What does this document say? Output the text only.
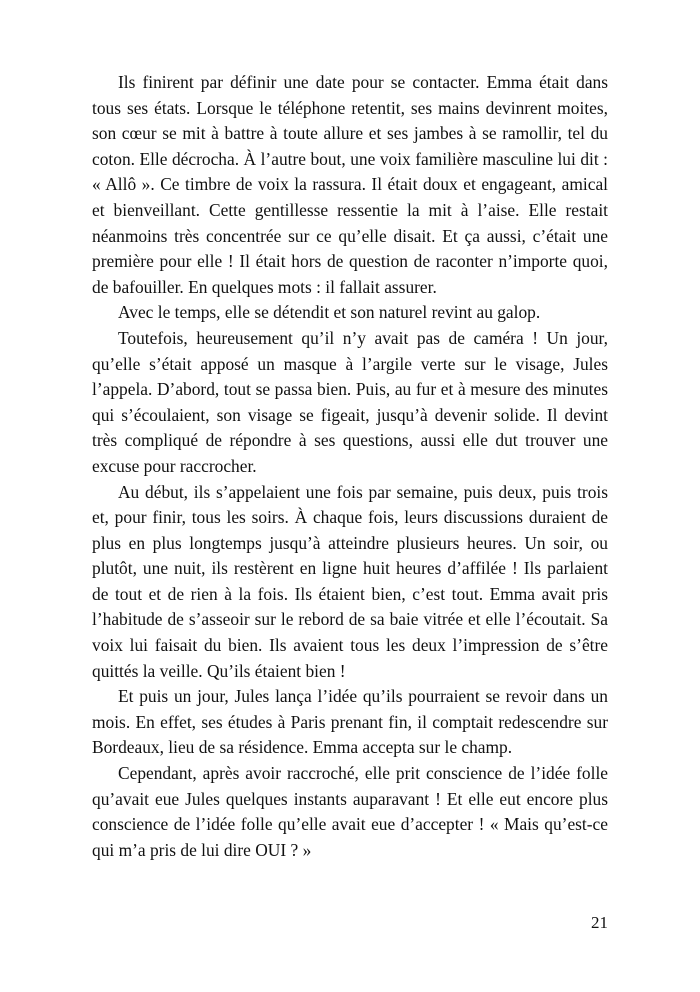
Ils finirent par définir une date pour se contacter. Emma était dans tous ses états. Lorsque le téléphone retentit, ses mains devinrent moites, son cœur se mit à battre à toute allure et ses jambes à se ramollir, tel du coton. Elle décrocha. À l’autre bout, une voix familière masculine lui dit : « Allô ». Ce timbre de voix la rassura. Il était doux et engageant, amical et bienveillant. Cette gentillesse ressentie la mit à l’aise. Elle restait néanmoins très concentrée sur ce qu’elle disait. Et ça aussi, c’était une première pour elle ! Il était hors de question de raconter n’importe quoi, de bafouiller. En quelques mots : il fallait assurer.

Avec le temps, elle se détendit et son naturel revint au galop.

Toutefois, heureusement qu’il n’y avait pas de caméra ! Un jour, qu’elle s’était apposé un masque à l’argile verte sur le visage, Jules l’appela. D’abord, tout se passa bien. Puis, au fur et à mesure des minutes qui s’écoulaient, son visage se figeait, jusqu’à devenir solide. Il devint très compliqué de répondre à ses questions, aussi elle dut trouver une excuse pour raccrocher.

Au début, ils s’appelaient une fois par semaine, puis deux, puis trois et, pour finir, tous les soirs. À chaque fois, leurs discussions duraient de plus en plus longtemps jusqu’à atteindre plusieurs heures. Un soir, ou plutôt, une nuit, ils restèrent en ligne huit heures d’affilée ! Ils parlaient de tout et de rien à la fois. Ils étaient bien, c’est tout. Emma avait pris l’habitude de s’asseoir sur le rebord de sa baie vitrée et elle l’écoutait. Sa voix lui faisait du bien. Ils avaient tous les deux l’impression de s’être quittés la veille. Qu’ils étaient bien !

Et puis un jour, Jules lança l’idée qu’ils pourraient se revoir dans un mois. En effet, ses études à Paris prenant fin, il comptait redescendre sur Bordeaux, lieu de sa résidence. Emma accepta sur le champ.

Cependant, après avoir raccroché, elle prit conscience de l’idée folle qu’avait eue Jules quelques instants auparavant ! Et elle eut encore plus conscience de l’idée folle qu’elle avait eue d’accepter ! « Mais qu’est-ce qui m’a pris de lui dire OUI ? »

21
